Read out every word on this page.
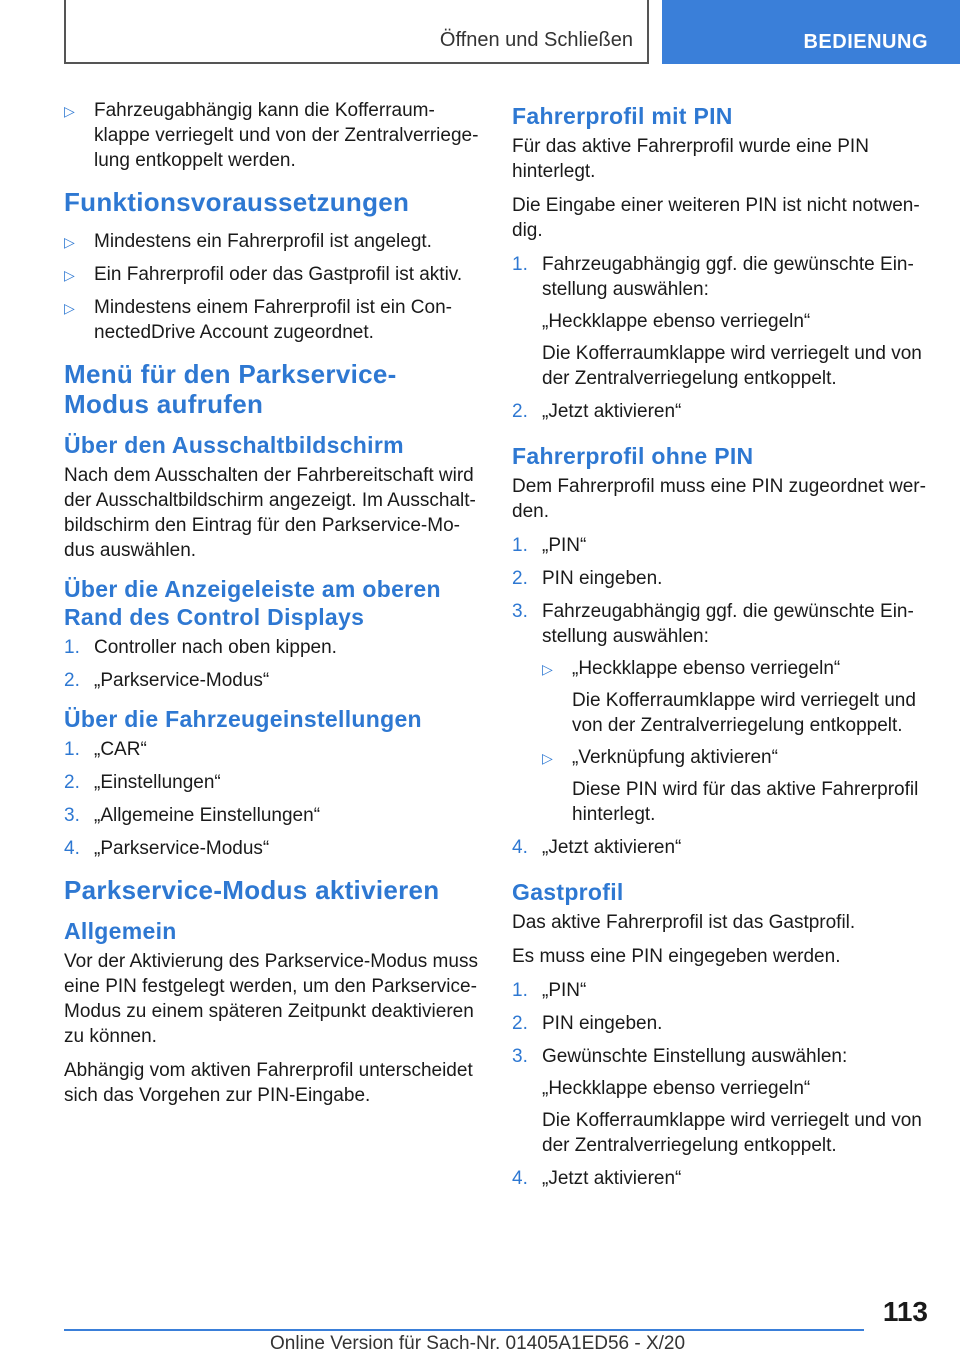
Öffnen und Schließen	BEDIENUNG
▷ Fahrzeugabhängig kann die Kofferraumklappe verriegelt und von der Zentralverriegelung entkoppelt werden.
Funktionsvoraussetzungen
▷ Mindestens ein Fahrerprofil ist angelegt.
▷ Ein Fahrerprofil oder das Gastprofil ist aktiv.
▷ Mindestens einem Fahrerprofil ist ein ConnectedDrive Account zugeordnet.
Menü für den Parkservice-Modus aufrufen
Über den Ausschaltbildschirm

Nach dem Ausschalten der Fahrbereitschaft wird der Ausschaltbildschirm angezeigt. Im Ausschaltbildschirm den Eintrag für den Parkservice-Modus auswählen.

Über die Anzeigeleiste am oberen Rand des Control Displays
1. Controller nach oben kippen.
2. „Parkservice-Modus“
Über die Fahrzeugeinstellungen
1. „CAR“
2. „Einstellungen“
3. „Allgemeine Einstellungen“
4. „Parkservice-Modus“
Parkservice-Modus aktivieren
Allgemein

Vor der Aktivierung des Parkservice-Modus muss eine PIN festgelegt werden, um den Parkservice-Modus zu einem späteren Zeitpunkt deaktivieren zu können.

Abhängig vom aktiven Fahrerprofil unterscheidet sich das Vorgehen zur PIN-Eingabe.

Fahrerprofil mit PIN

Für das aktive Fahrerprofil wurde eine PIN hinterlegt.

Die Eingabe einer weiteren PIN ist nicht notwendig.

1. Fahrzeugabhängig ggf. die gewünschte Einstellung auswählen:
„Heckklappe ebenso verriegeln“
Die Kofferraumklappe wird verriegelt und von der Zentralverriegelung entkoppelt.
2. „Jetzt aktivieren“
Fahrerprofil ohne PIN

Dem Fahrerprofil muss eine PIN zugeordnet werden.

1. „PIN“
2. PIN eingeben.
3. Fahrzeugabhängig ggf. die gewünschte Einstellung auswählen:
▷ „Heckklappe ebenso verriegeln“
Die Kofferraumklappe wird verriegelt und von der Zentralverriegelung entkoppelt.
▷ „Verknüpfung aktivieren“
Diese PIN wird für das aktive Fahrerprofil hinterlegt.
4. „Jetzt aktivieren“
Gastprofil

Das aktive Fahrerprofil ist das Gastprofil.

Es muss eine PIN eingegeben werden.

1. „PIN“
2. PIN eingeben.
3. Gewünschte Einstellung auswählen:
„Heckklappe ebenso verriegeln“
Die Kofferraumklappe wird verriegelt und von der Zentralverriegelung entkoppelt.
4. „Jetzt aktivieren“
113
Online Version für Sach-Nr. 01405A1ED56 - X/20
